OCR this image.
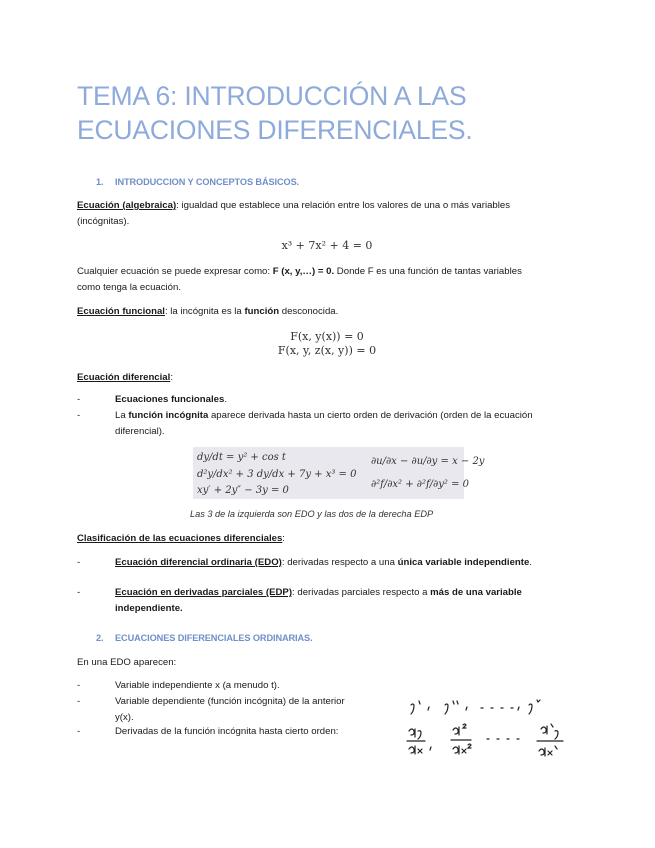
TEMA 6: INTRODUCCIÓN A LAS
ECUACIONES DIFERENCIALES.
1. INTRODUCCION Y CONCEPTOS BÁSICOS.
Ecuación (algebraica): igualdad que establece una relación entre los valores de una o más variables
(incógnitas).
x³ + 7x² + 4 = 0
Cualquier ecuación se puede expresar como: F (x, y,…) = 0. Donde F es una función de tantas variables
como tenga la ecuación.
Ecuación funcional: la incógnita es la función desconocida.
F(x, y(x)) = 0
F(x, y, z(x, y)) = 0
Ecuación diferencial:
-	Ecuaciones funcionales.
-	La función incógnita aparece derivada hasta un cierto orden de derivación (orden de la ecuación
diferencial).
dy/dt = y² + cos t
d²y/dx² + 3 dy/dx + 7y + x³ = 0
xy′ + 2y″ − 3y = 0
∂u/∂x − ∂u/∂y = x − 2y
∂²f/∂x² + ∂²f/∂y² = 0
Las 3 de la izquierda son EDO y las dos de la derecha EDP
Clasificación de las ecuaciones diferenciales:
-	Ecuación diferencial ordinaria (EDO): derivadas respecto a una única variable independiente.
-	Ecuación en derivadas parciales (EDP): derivadas parciales respecto a más de una variable
independiente.
2. ECUACIONES DIFERENCIALES ORDINARIAS.
En una EDO aparecen:
-	Variable independiente x (a menudo t).
-	Variable dependiente (función incógnita) de la anterior
y(x).
-	Derivadas de la función incógnita hasta cierto orden:
